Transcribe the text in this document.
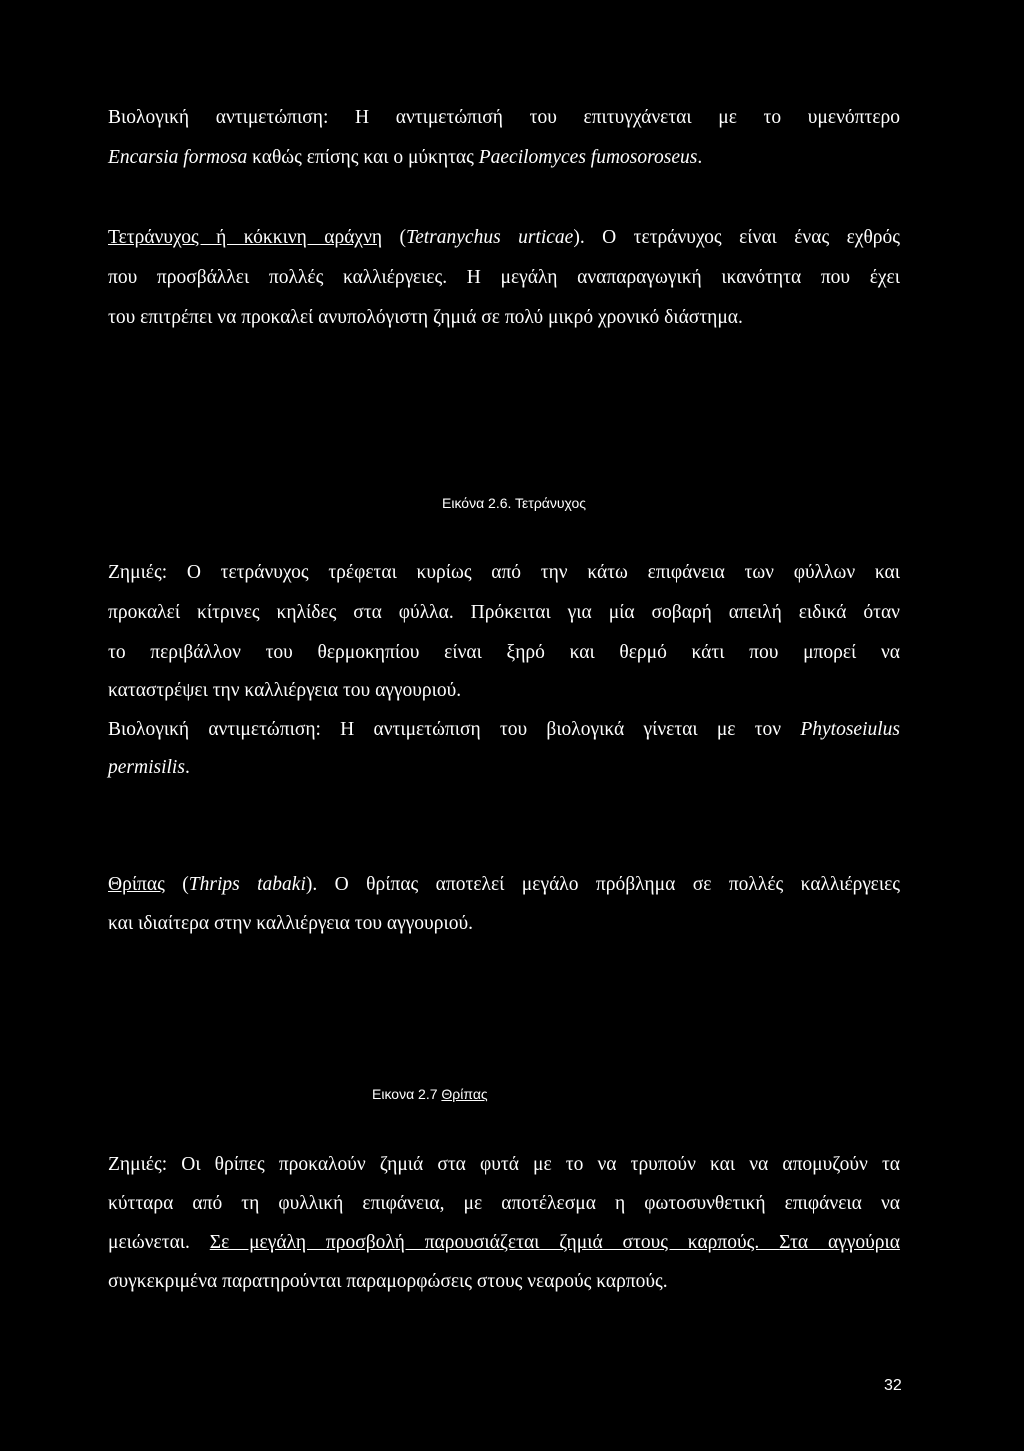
Βιολογική αντιμετώπιση: Η αντιμετώπισή του επιτυγχάνεται με το υμενόπτερο
Encarsia formosa καθώς επίσης και ο μύκητας Paecilomyces fumosoroseus.
Τετράνυχος ή κόκκινη αράχνη (Tetranychus urticae). Ο τετράνυχος είναι ένας εχθρός
που προσβάλλει πολλές καλλιέργειες. Η μεγάλη αναπαραγωγική ικανότητα που έχει
του επιτρέπει να προκαλεί ανυπολόγιστη ζημιά σε πολύ μικρό χρονικό διάστημα.
Εικόνα 2.6. Τετράνυχος
Ζημιές: Ο τετράνυχος τρέφεται κυρίως από την κάτω επιφάνεια των φύλλων και
προκαλεί κίτρινες κηλίδες στα φύλλα. Πρόκειται για μία σοβαρή απειλή ειδικά όταν
το περιβάλλον του θερμοκηπίου είναι ξηρό και θερμό κάτι που μπορεί να
καταστρέψει την καλλιέργεια του αγγουριού.
Βιολογική αντιμετώπιση: Η αντιμετώπιση του βιολογικά γίνεται με τον Phytoseiulus
permisilis.
Θρίπας (Thrips tabaki). Ο θρίπας αποτελεί μεγάλο πρόβλημα σε πολλές καλλιέργειες
και ιδιαίτερα στην καλλιέργεια του αγγουριού.
Εικονα 2.7 Θρίπας
Ζημιές: Οι θρίπες προκαλούν ζημιά στα φυτά με το να τρυπούν και να απομυζούν τα
κύτταρα από τη φυλλική επιφάνεια, με αποτέλεσμα η φωτοσυνθετική επιφάνεια να
μειώνεται. Σε μεγάλη προσβολή παρουσιάζεται ζημιά στους καρπούς. Στα αγγούρια
συγκεκριμένα παρατηρούνται παραμορφώσεις στους νεαρούς καρπούς.
32
